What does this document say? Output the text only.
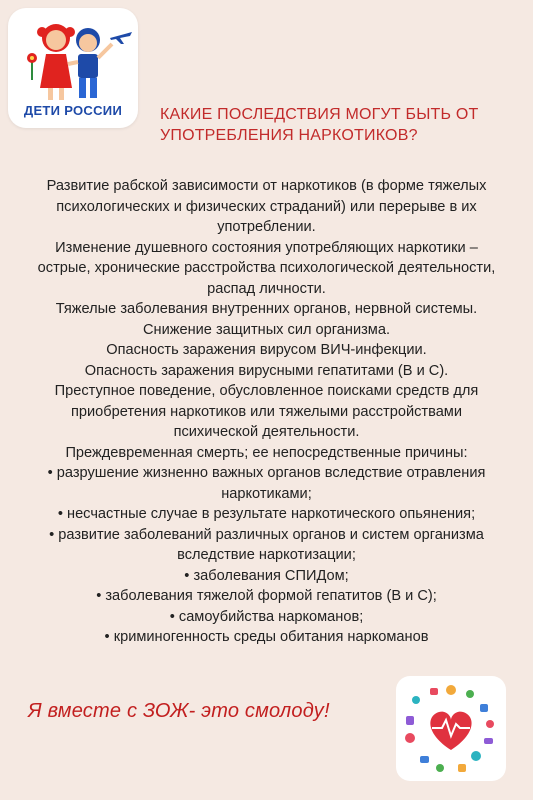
ДЕТИ РОССИИ	КАКИЕ ПОСЛЕДСТВИЯ МОГУТ БЫТЬ ОТ
УПОТРЕБЛЕНИЯ НАРКОТИКОВ?

Развитие рабской зависимости от наркотиков (в форме тяжелых

психологических и физических страданий) или перерыве в их

употреблении.

Изменение душевного состояния употребляющих наркотики –

острые, хронические расстройства психологической деятельности,

распад личности.

Тяжелые заболевания внутренних органов, нервной системы.

Снижение защитных сил организма.

Опасность заражения вирусом ВИЧ-инфекции.

Опасность заражения вирусными гепатитами (В и С).

Преступное поведение, обусловленное поисками средств для

приобретения наркотиков или тяжелыми расстройствами

психической деятельности.

Преждевременная смерть; ее непосредственные причины:

• разрушение жизненно важных органов вследствие отравления

наркотиками;

• несчастные случае в результате наркотического опьянения;

• развитие заболеваний различных органов и систем организма

вследствие наркотизации;

• заболевания СПИДом;

• заболевания тяжелой формой гепатитов (В и С);

• самоубийства наркоманов;

• криминогенность среды обитания наркоманов

Я вместе с ЗОЖ- это смолоду!
